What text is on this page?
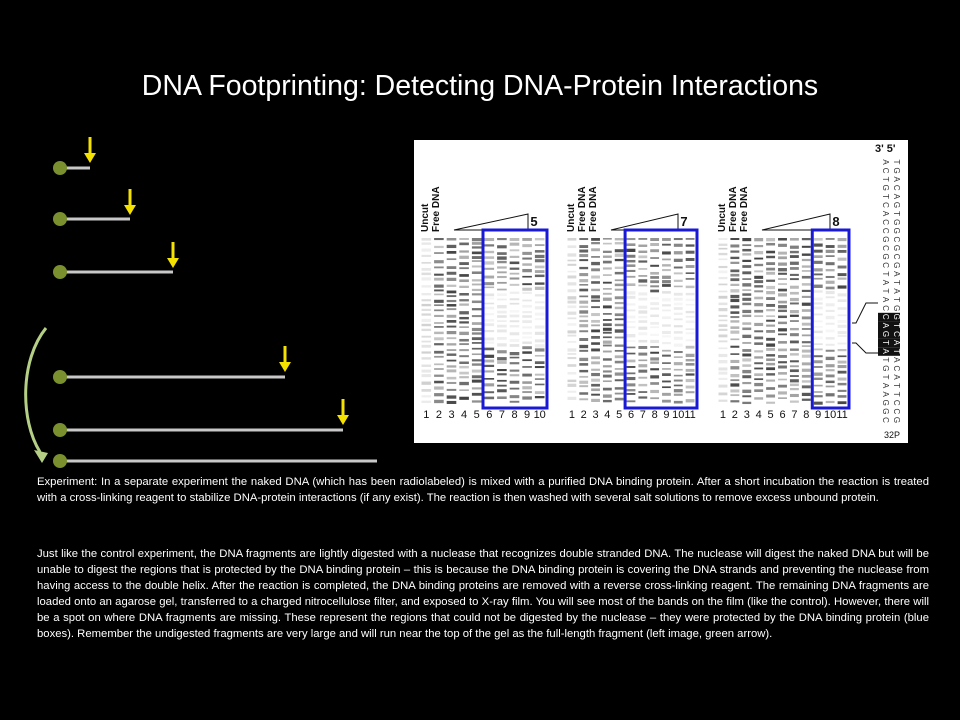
DNA Footprinting: Detecting DNA-Protein Interactions
Uncut Free DNA	5
1 2 3 4 5 6 7 8 9 10
Uncut Free DNA Free DNA	7
1 2 3 4 5 6 7 8 9 10 11
Uncut Free DNA Free DNA	8
1 2 3 4 5 6 7 8 9 10 11
3' 5'
A T
C G
T A
G C
T A
C G
A T
C G
C G
G C
C G
G C
C G
T A
A T
T A
A T
C G
C G
A T
G C
T A
A T
T A
G C
T A
A T
A T
G C
G C
C G
32P
Experiment: In a separate experiment the naked DNA (which has been radiolabeled) is mixed with a purified DNA binding protein. After a short incubation the reaction is treated with a cross-linking reagent to stabilize DNA-protein interactions (if any exist). The reaction is then washed with several salt solutions to remove excess unbound protein.
Just like the control experiment, the DNA fragments are lightly digested with a nuclease that recognizes double stranded DNA. The nuclease will digest the naked DNA but will be unable to digest the regions that is protected by the DNA binding protein – this is because the DNA binding protein is covering the DNA strands and preventing the nuclease from having access to the double helix. After the reaction is completed, the DNA binding proteins are removed with a reverse cross-linking reagent. The remaining DNA fragments are loaded onto an agarose gel, transferred to a charged nitrocellulose filter, and exposed to X-ray film. You will see most of the bands on the film (like the control). However, there will be a spot on where DNA fragments are missing. These represent the regions that could not be digested by the nuclease – they were protected by the DNA binding protein (blue boxes). Remember the undigested fragments are very large and will run near the top of the gel as the full-length fragment (left image, green arrow).
